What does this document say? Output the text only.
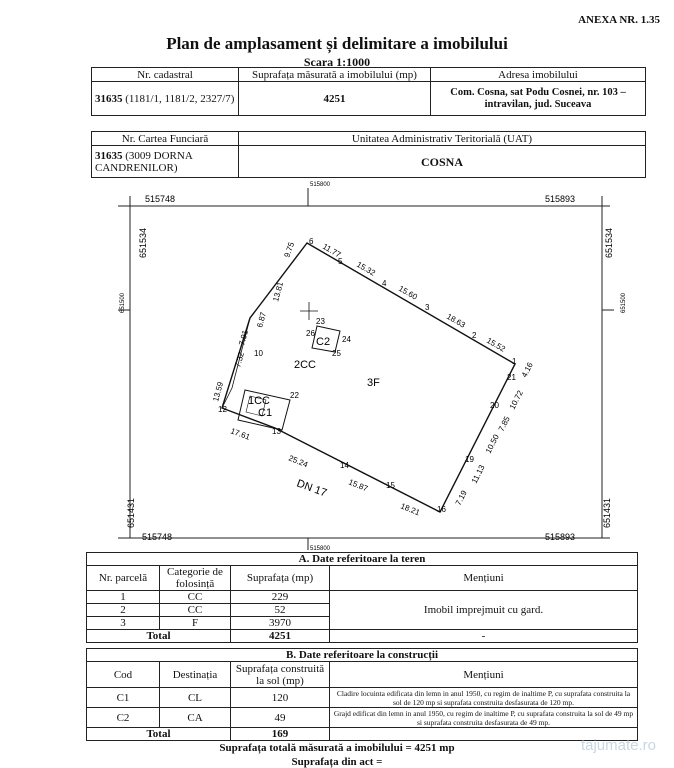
ANEXA NR. 1.35
Plan de amplasament și delimitare a imobilului
Scara 1:1000
Nr. cadastral	Suprafața măsurată a imobilului (mp)	Adresa imobilului
31635 (1181/1, 1181/2, 2327/7)	4251	Com. Cosna, sat Podu Cosnei, nr. 103 – intravilan, jud. Suceava
Nr. Cartea Funciară	Unitatea Administrativ Teritorială (UAT)
31635 (3009 DORNA CANDRENILOR)	COSNA
515748	515893
515748	515893
515800
515800
651534	651534
651431	651431
651500	651500
3F
2CC
1CC
C1
C2
DN 17
9.75	11.77
15.32
15.60
18.63
15.52
4.16
10.72
7.85
10.50
11.13
7.19
18.21
15.87
25.24
17.61
13.59
7.32
7.91
6.87
13.81
6
5
4
3
2
1
21
20
19
16
15
14
13
12
10
22
23
24
25
26
A. Date referitoare la teren			
Nr. parcelă	Categorie de folosință	Suprafața (mp)	Mențiuni
1	CC	229	Imobil imprejmuit cu gard.
2	CC	52	
3	F	3970	
Total		4251	-
B. Date referitoare la construcții			
Cod	Destinația	Suprafața construită la sol (mp)	Mențiuni
C1	CL	120	Cladire locuinta edificata din lemn in anul 1950, cu regim de inaltime P, cu suprafata construita la sol de 120 mp si suprafata construita desfasurata de 120 mp.
C2	CA	49	Grajd edificat din lemn in anul 1950, cu regim de inaltime P, cu suprafata construita la sol de 49 mp si suprafata construita desfasurata de 49 mp.
Total		169	
Suprafața totală măsurată a imobilului = 4251 mp
Suprafața din act =
tajumate.ro
